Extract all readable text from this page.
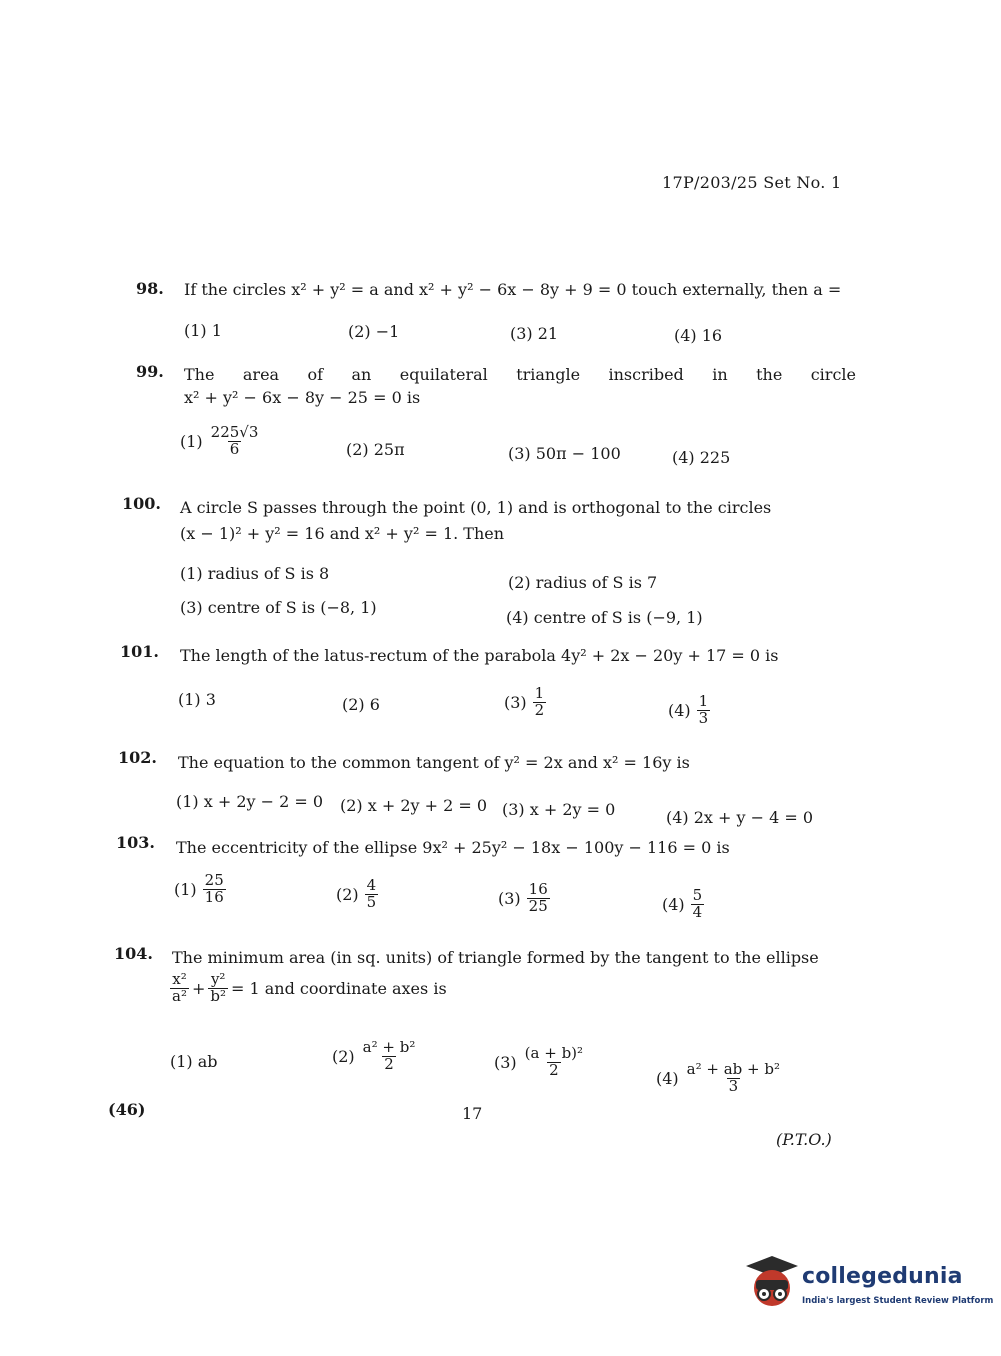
17P/203/25 Set No. 1
98. If the circles x² + y² = a and x² + y² − 6x − 8y + 9 = 0 touch externally, then a =
(1) 1	(2) −1	(3) 21	(4) 16
99. The area of an equilateral triangle inscribed in the circle
x² + y² − 6x − 8y − 25 = 0 is
$(1) \frac{225√3}{6}$	(2) 25π	(3) 50π − 100	(4) 225
100. A circle S passes through the point (0, 1) and is orthogonal to the circles
(x − 1)² + y² = 16 and x² + y² = 1. Then
(1) radius of S is 8	(2) radius of S is 7
(3) centre of S is (−8, 1)
(4) centre of S is (−9, 1)
101. The length of the latus-rectum of the parabola 4y² + 2x − 20y + 17 = 0 is
(1) 3	(2) 6	$(3) \frac{1}{2}$	$(4) \frac{1}{3}$
102. The equation to the common tangent of y² = 2x and x² = 16y is
(1) x + 2y − 2 = 0 (2) x + 2y + 2 = 0 (3) x + 2y = 0	(4) 2x + y − 4 = 0
103. The eccentricity of the ellipse 9x² + 25y² − 18x − 100y − 116 = 0 is
$(1) \frac{25}{16}$	$(2) \frac{4}{5}$	$(3) \frac{16}{25}$	$(4) \frac{5}{4}$
104. The minimum area (in sq. units) of triangle formed by the tangent to the ellipse
$\frac{\text{x²}}{\text{a²}} + \frac{\text{y²}}{\text{b²}} = 1$ and coordinate axes is
(1) ab	$(2) \frac{\text{a² + b²}}{2}$	$(3) \frac{\text{(a + b)²}}{2}$	$(4) \frac{\text{a² + ab + b²}}{3}$
(46)	17
(P.T.O.)
collegedunia
India's largest Student Review Platform
